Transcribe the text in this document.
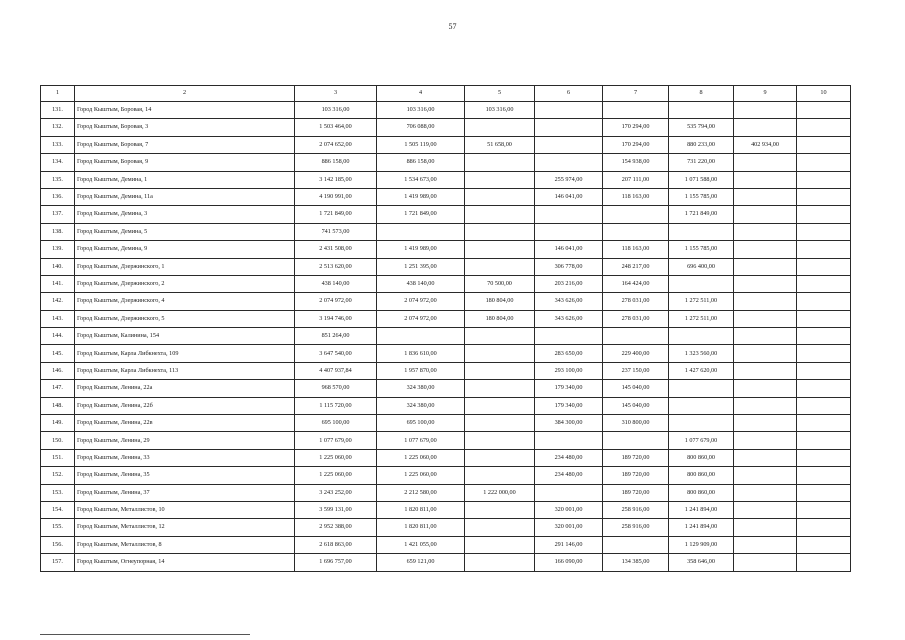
57
1	2	3	4	5	6	7	8	9	10
131.	Город Кыштым, Боровая, 14	103 316,00	103 316,00	103 316,00					
132.	Город Кыштым, Боровая, 3	1 503 464,00	706 088,00			170 294,00	535 794,00		
133.	Город Кыштым, Боровая, 7	2 074 652,00	1 505 119,00	51 658,00		170 294,00	880 233,00	402 934,00	
134.	Город Кыштым, Боровая, 9	886 158,00	886 158,00			154 938,00	731 220,00		
135.	Город Кыштым, Демина, 1	3 142 185,00	1 534 673,00		255 974,00	207 111,00	1 071 588,00		
136.	Город Кыштым, Демина, 11а	4 190 991,00	1 419 989,00		146 041,00	118 163,00	1 155 785,00		
137.	Город Кыштым, Демина, 3	1 721 849,00	1 721 849,00				1 721 849,00		
138.	Город Кыштым, Демина, 5	741 573,00							
139.	Город Кыштым, Демина, 9	2 431 508,00	1 419 989,00		146 041,00	118 163,00	1 155 785,00		
140.	Город Кыштым, Дзержинского, 1	2 513 620,00	1 251 395,00		306 778,00	248 217,00	696 400,00		
141.	Город Кыштым, Дзержинского, 2	438 140,00	438 140,00	70 500,00	203 216,00	164 424,00			
142.	Город Кыштым, Дзержинского, 4	2 074 972,00	2 074 972,00	180 804,00	343 626,00	278 031,00	1 272 511,00		
143.	Город Кыштым, Дзержинского, 5	3 194 746,00	2 074 972,00	180 804,00	343 626,00	278 031,00	1 272 511,00		
144.	Город Кыштым, Калинина, 154	851 264,00							
145.	Город Кыштым, Карла Либкнехта, 109	3 647 540,00	1 836 610,00		283 650,00	229 400,00	1 323 560,00		
146.	Город Кыштым, Карла Либкнехта, 113	4 407 937,84	1 957 870,00		293 100,00	237 150,00	1 427 620,00		
147.	Город Кыштым, Ленина, 22а	968 570,00	324 380,00		179 340,00	145 040,00			
148.	Город Кыштым, Ленина, 22б	1 115 720,00	324 380,00		179 340,00	145 040,00			
149.	Город Кыштым, Ленина, 22в	695 100,00	695 100,00		384 300,00	310 800,00			
150.	Город Кыштым, Ленина, 29	1 077 679,00	1 077 679,00				1 077 679,00		
151.	Город Кыштым, Ленина, 33	1 225 060,00	1 225 060,00		234 480,00	189 720,00	800 860,00		
152.	Город Кыштым, Ленина, 35	1 225 060,00	1 225 060,00		234 480,00	189 720,00	800 860,00		
153.	Город Кыштым, Ленина, 37	3 243 252,00	2 212 580,00	1 222 000,00		189 720,00	800 860,00		
154.	Город Кыштым, Металлистов, 10	3 599 131,00	1 820 811,00		320 001,00	258 916,00	1 241 894,00		
155.	Город Кыштым, Металлистов, 12	2 952 388,00	1 820 811,00		320 001,00	258 916,00	1 241 894,00		
156.	Город Кыштым, Металлистов, 8	2 618 863,00	1 421 055,00		291 146,00		1 129 909,00		
157.	Город Кыштым, Огнеупорная, 14	1 696 757,00	659 121,00		166 090,00	134 385,00	358 646,00		
